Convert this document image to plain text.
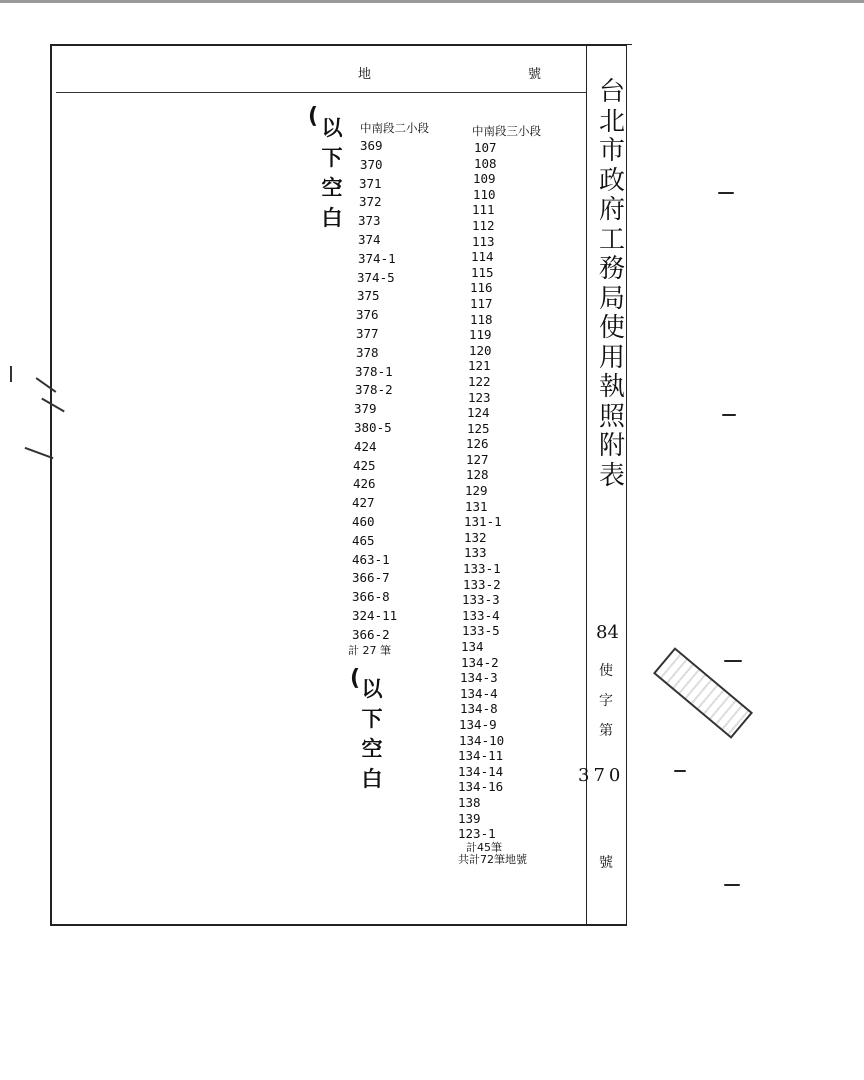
地	號
台
北
市
政
府
工
務
局
使
用
執
照
附
表
中南段二小段
369
370
371
372
373
374
374-1
374-5
375
376
377
378
378-1
378-2
379
380-5
424
425
426
427
460
465
463-1
366-7
366-8
324-11
366-2
計 27 筆
中南段三小段
107
108
109
110
111
112
113
114
115
116
117
118
119
120
121
122
123
124
125
126
127
128
129
131
131-1
132
133
133-1
133-2
133-3
133-4
133-5
134
134-2
134-3
134-4
134-8
134-9
134-10
134-11
134-14
134-16
138
139
123-1
計45筆
共計72筆地號
( 以
下
空
白
( 以
下
空
白
84
使
字
第
370
號
